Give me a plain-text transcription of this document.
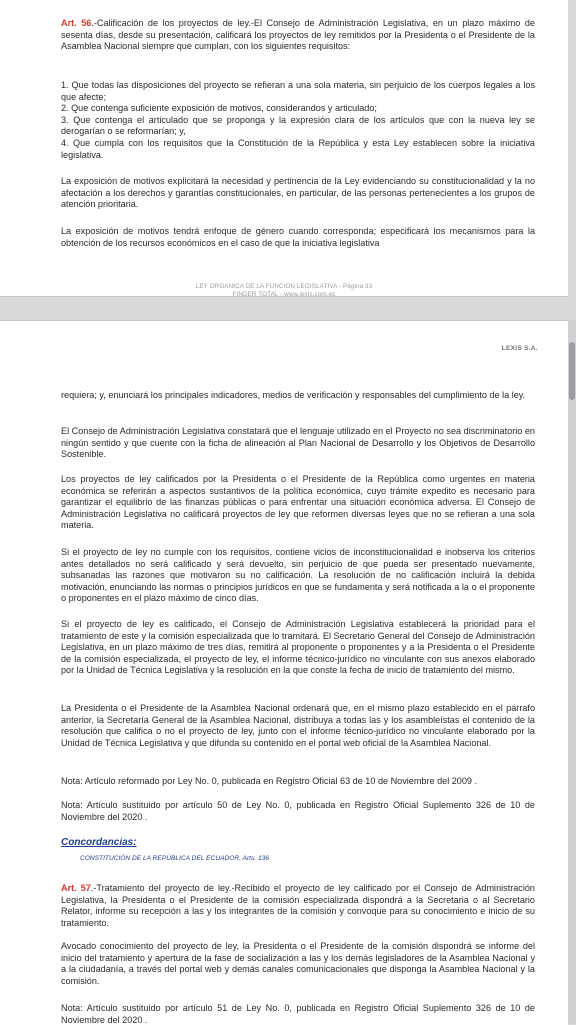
Art. 56.-Calificación de los proyectos de ley.-El Consejo de Administración Legislativa, en un plazo máximo de sesenta días, desde su presentación, calificará los proyectos de ley remitidos por la Presidenta o el Presidente de la Asamblea Nacional siempre que cumplan, con los siguientes requisitos:

1. Que todas las disposiciones del proyecto se refieran a una sola materia, sin perjuicio de los cuerpos legales a los que afecte;

2. Que contenga suficiente exposición de motivos, considerandos y articulado;

3. Que contenga el articulado que se proponga y la expresión clara de los artículos que con la nueva ley se derogarían o se reformarían; y,

4. Que cumpla con los requisitos que la Constitución de la República y esta Ley establecen sobre la iniciativa legislativa.

La exposición de motivos explicitará la necesidad y pertinencia de la Ley evidenciando su constitucionalidad y la no afectación a los derechos y garantías constitucionales, en particular, de las personas pertenecientes a los grupos de atención prioritaria.
La exposición de motivos tendrá enfoque de género cuando corresponda; especificará los mecanismos para la obtención de los recursos económicos en el caso de que la iniciativa legislativa
LEY ORGANICA DE LA FUNCION LEGISLATIVA - Página 33
FINDER TOTAL - www.lexis.com.ec
LEXIS S.A.
requiera; y, enunciará los principales indicadores, medios de verificación y responsables del cumplimiento de la ley.
El Consejo de Administración Legislativa constatará que el lenguaje utilizado en el Proyecto no sea discriminatorio en ningún sentido y que cuente con la ficha de alineación al Plan Nacional de Desarrollo y los Objetivos de Desarrollo Sostenible.
Los proyectos de ley calificados por la Presidenta o el Presidente de la República como urgentes en materia económica se referirán a aspectos sustantivos de la política económica, cuyo trámite expedito es necesario para garantizar el equilibrio de las finanzas públicas o para enfrentar una situación económica adversa. El Consejo de Administración Legislativa no calificará proyectos de ley que reformen diversas leyes que no se refieran a una sola materia.
Si el proyecto de ley no cumple con los requisitos, contiene vicios de inconstitucionalidad e inobserva los criterios antes detallados no será calificado y será devuelto, sin perjuicio de que pueda ser presentado nuevamente, subsanadas las razones que motivaron su no calificación. La resolución de no calificación incluirá la debida motivación, enunciando las normas o principios jurídicos en que se fundamenta y será notificada a la o el proponente o proponentes en el plazo máximo de cinco días.
Si el proyecto de ley es calificado, el Consejo de Administración Legislativa establecerá la prioridad para el tratamiento de este y la comisión especializada que lo tramitará. El Secretario General del Consejo de Administración Legislativa, en un plazo máximo de tres días, remitirá al proponente o proponentes y a la Presidenta o el Presidente de la comisión especializada, el proyecto de ley, el informe técnico-jurídico no vinculante con sus anexos elaborado por la Unidad de Técnica Legislativa y la resolución en la que conste la fecha de inicio de tratamiento del mismo.
La Presidenta o el Presidente de la Asamblea Nacional ordenará que, en el mismo plazo establecido en el párrafo anterior, la Secretaría General de la Asamblea Nacional, distribuya a todas las y los asambleístas el contenido de la resolución que califica o no el proyecto de ley, junto con el informe técnico-jurídico no vinculante elaborado por la Unidad de Técnica Legislativa y que difunda su contenido en el portal web oficial de la Asamblea Nacional.
Nota: Artículo reformado por Ley No. 0, publicada en Registro Oficial 63 de 10 de Noviembre del 2009 .
Nota: Artículo sustituido por artículo 50 de Ley No. 0, publicada en Registro Oficial Suplemento 326 de 10 de Noviembre del 2020 .
Concordancias:
CONSTITUCIÓN DE LA REPÚBLICA DEL ECUADOR, Arts. 136

Art. 57.-Tratamiento del proyecto de ley.-Recibido el proyecto de ley calificado por el Consejo de Administración Legislativa, la Presidenta o el Presidente de la comisión especializada dispondrá a la Secretaria o al Secretario Relator, informe su recepción a las y los integrantes de la comisión y convoque para su conocimiento e inicio de su tratamiento.

Avocado conocimiento del proyecto de ley, la Presidenta o el Presidente de la comisión dispondrá se informe del inicio del tratamiento y apertura de la fase de socialización a las y los demás legisladores de la Asamblea Nacional y a la ciudadanía, a través del portal web y demás canales comunicacionales que disponga la Asamblea Nacional y la comisión.
Nota: Artículo sustituido por artículo 51 de Ley No. 0, publicada en Registro Oficial Suplemento 326 de 10 de Noviembre del 2020 .
